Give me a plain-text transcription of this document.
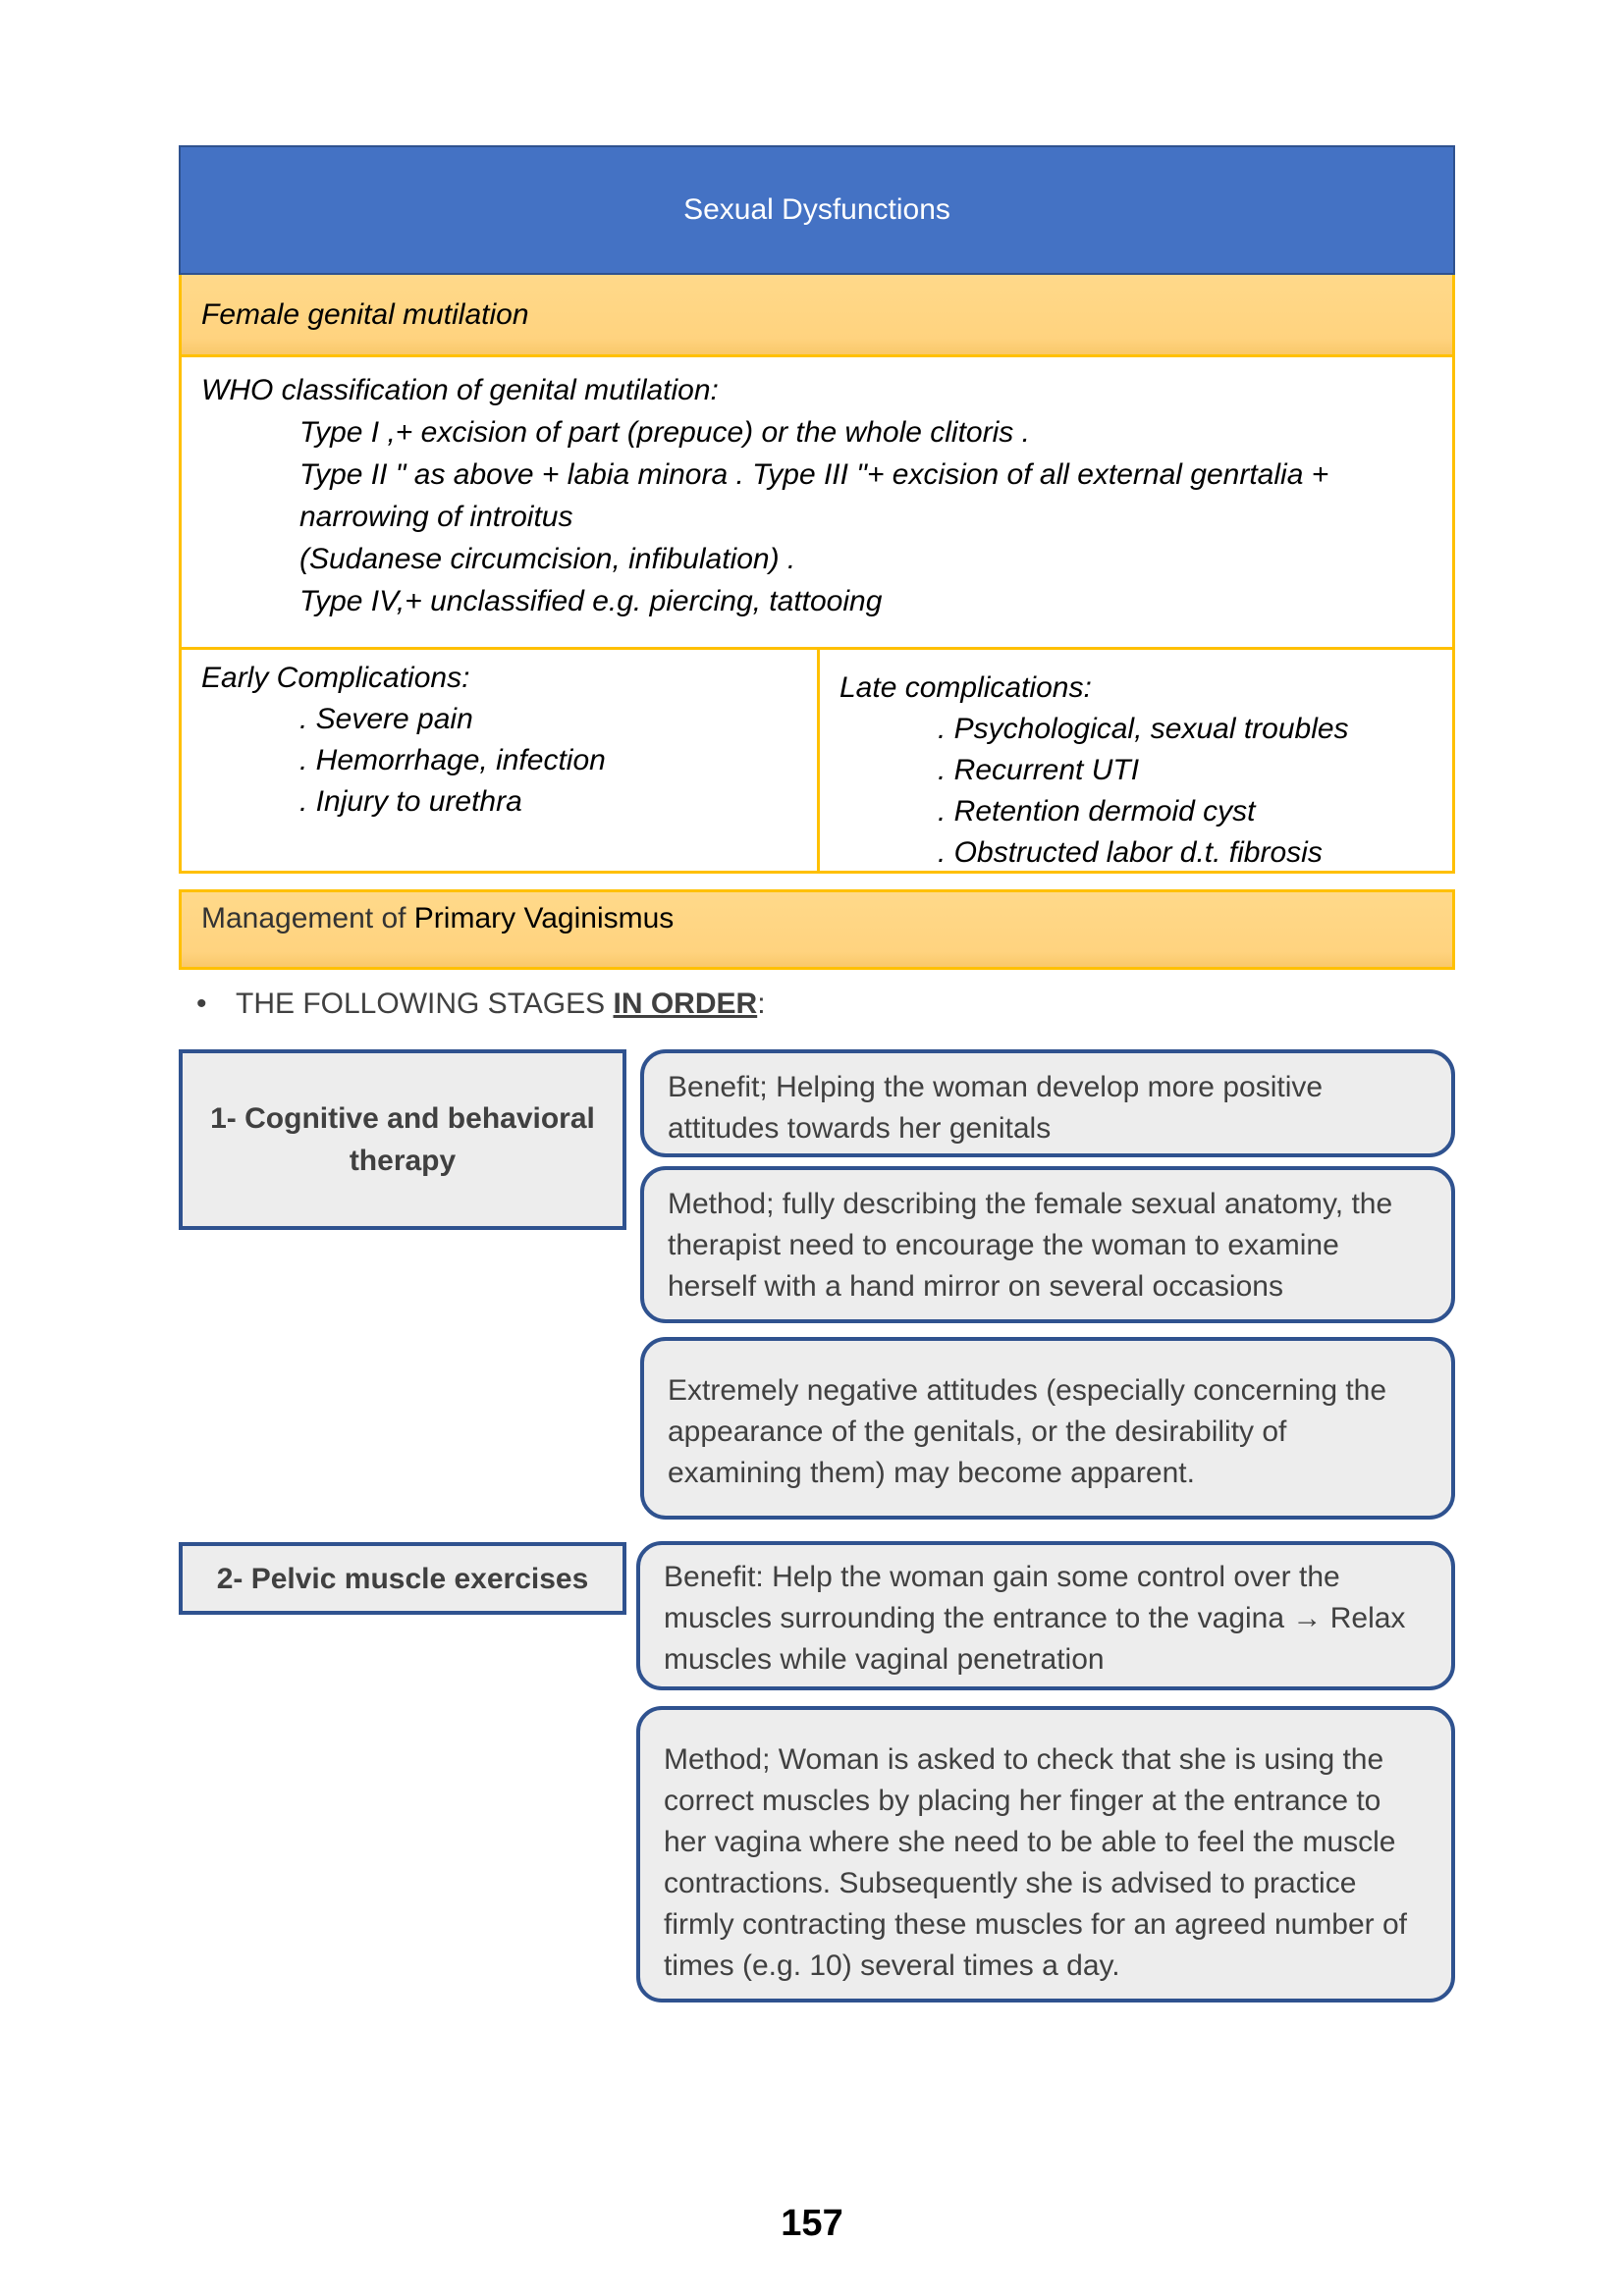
Sexual Dysfunctions
Female genital mutilation
WHO classification of genital mutilation:
Type I ,+ excision of part (prepuce) or the whole clitoris .
Type II " as above + labia minora . Type III "+ excision of all external genrtalia +
narrowing of introitus
(Sudanese circumcision, infibulation) .
Type IV,+ unclassified e.g. piercing, tattooing
Early Complications:
. Severe pain
. Hemorrhage, infection
. Injury to urethra
Late complications:
. Psychological, sexual troubles
. Recurrent UTI
. Retention dermoid cyst
. Obstructed labor d.t. fibrosis
Management of Primary Vaginismus
• THE FOLLOWING STAGES IN ORDER:
1- Cognitive and behavioral therapy
Benefit; Helping the woman develop more positive attitudes towards her genitals
Method; fully describing the female sexual anatomy, the therapist need to encourage the woman to examine herself with a hand mirror on several occasions
Extremely negative attitudes (especially concerning the appearance of the genitals, or the desirability of examining them) may become apparent.
2- Pelvic muscle exercises	Benefit: Help the woman gain some control over the muscles surrounding the entrance to the vagina → Relax muscles while vaginal penetration
Method; Woman is asked to check that she is using the correct muscles by placing her finger at the entrance to her vagina where she need to be able to feel the muscle contractions. Subsequently she is advised to practice firmly contracting these muscles for an agreed number of times (e.g. 10) several times a day.
157
